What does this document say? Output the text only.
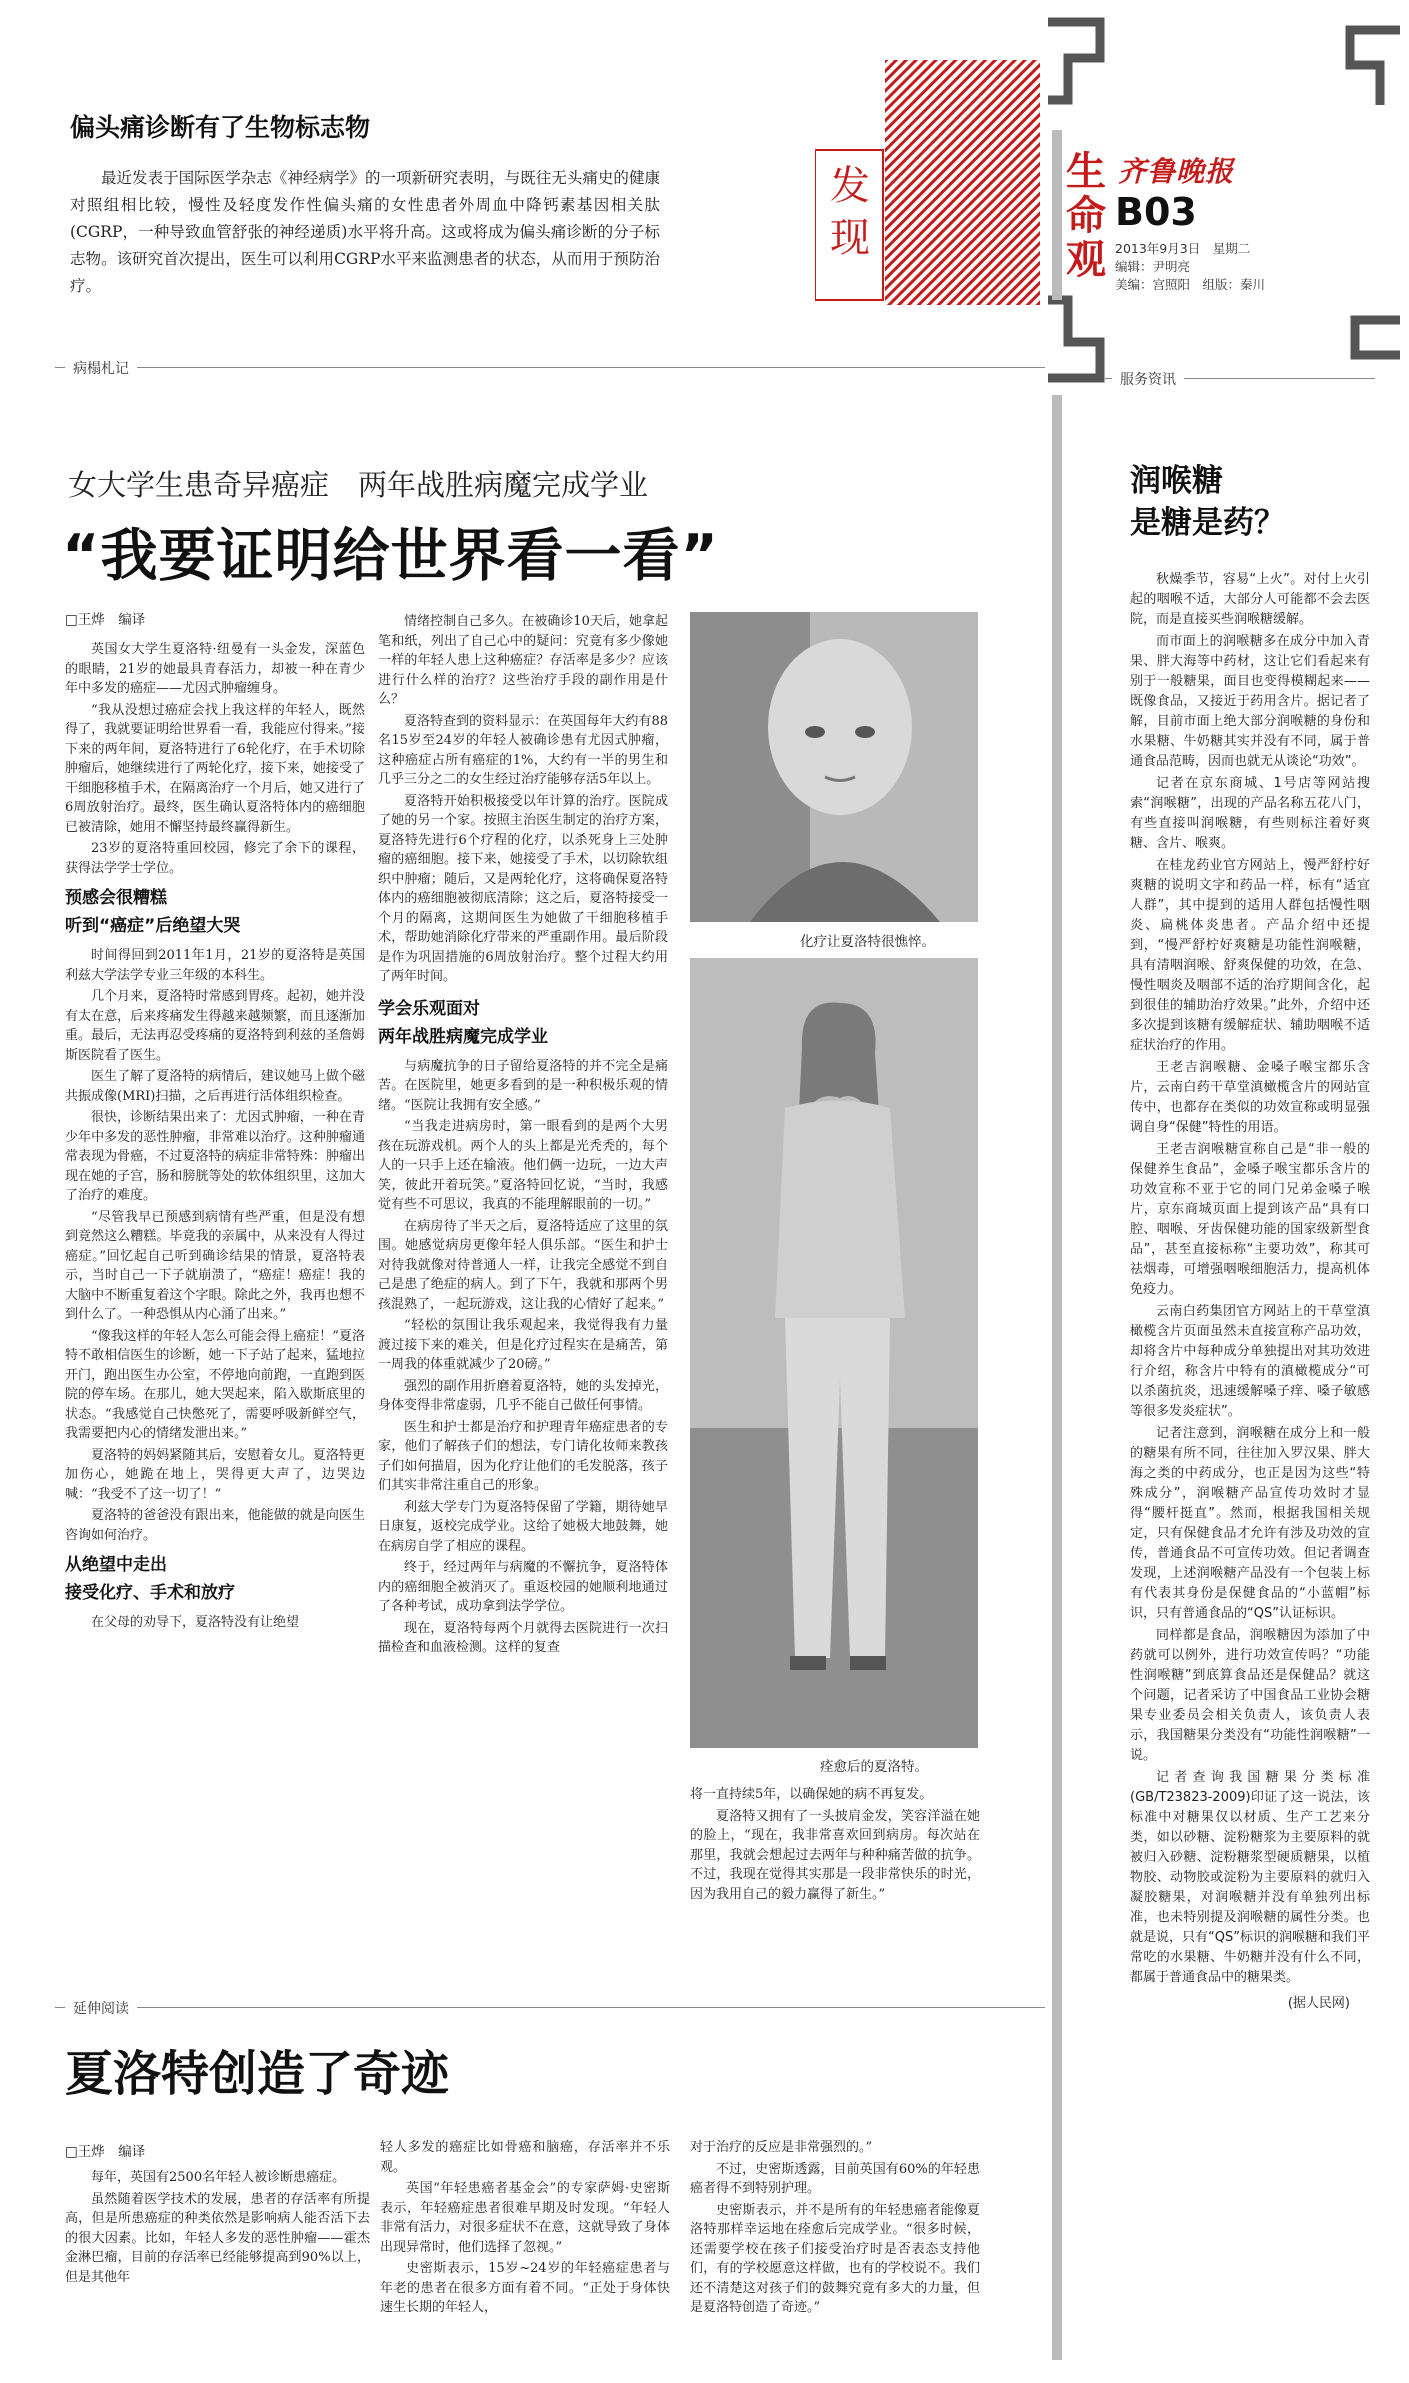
生命观
齐鲁晚报
B03
2013年9月3日　 星期二
编辑：尹明亮
美编：宫照阳　 组版：秦川
发现
偏头痛诊断有了生物标志物

最近发表于国际医学杂志《神经病学》的一项新研究表明，与既往无头痛史的健康对照组相比较，慢性及轻度发作性偏头痛的女性患者外周血中降钙素基因相关肽(CGRP，一种导致血管舒张的神经递质)水平将升高。这或将成为偏头痛诊断的分子标志物。该研究首次提出，医生可以利用CGRP水平来监测患者的状态，从而用于预防治疗。

病榻札记
女大学生患奇异癌症　两年战胜病魔完成学业
“我要证明给世界看一看”
□王烨　编译

英国女大学生夏洛特·纽曼有一头金发，深蓝色的眼睛，21岁的她最具青春活力，却被一种在青少年中多发的癌症——尤因式肿瘤缠身。

“我从没想过癌症会找上我这样的年轻人，既然得了，我就要证明给世界看一看，我能应付得来。”接下来的两年间，夏洛特进行了6轮化疗，在手术切除肿瘤后，她继续进行了两轮化疗，接下来，她接受了干细胞移植手术，在隔离治疗一个月后，她又进行了6周放射治疗。最终，医生确认夏洛特体内的癌细胞已被清除，她用不懈坚持最终赢得新生。

23岁的夏洛特重回校园，修完了余下的课程，获得法学学士学位。

预感会很糟糕
听到“癌症”后绝望大哭

时间得回到2011年1月，21岁的夏洛特是英国利兹大学法学专业三年级的本科生。

几个月来，夏洛特时常感到胃疼。起初，她并没有太在意，后来疼痛发生得越来越频繁，而且逐渐加重。最后，无法再忍受疼痛的夏洛特到利兹的圣詹姆斯医院看了医生。

医生了解了夏洛特的病情后，建议她马上做个磁共振成像(MRI)扫描，之后再进行活体组织检查。

很快，诊断结果出来了：尤因式肿瘤，一种在青少年中多发的恶性肿瘤，非常难以治疗。这种肿瘤通常表现为骨癌，不过夏洛特的病症非常特殊：肿瘤出现在她的子宫，肠和膀胱等处的软体组织里，这加大了治疗的难度。

“尽管我早已预感到病情有些严重，但是没有想到竟然这么糟糕。毕竟我的亲属中，从来没有人得过癌症。”回忆起自己听到确诊结果的情景，夏洛特表示，当时自己一下子就崩溃了，“癌症！癌症！我的大脑中不断重复着这个字眼。除此之外，我再也想不到什么了。一种恐惧从内心涌了出来。”

“像我这样的年轻人怎么可能会得上癌症！”夏洛特不敢相信医生的诊断，她一下子站了起来，猛地拉开门，跑出医生办公室，不停地向前跑，一直跑到医院的停车场。在那儿，她大哭起来，陷入歇斯底里的状态。“我感觉自己快憋死了，需要呼吸新鲜空气，我需要把内心的情绪发泄出来。”

夏洛特的妈妈紧随其后，安慰着女儿。夏洛特更加伤心，她跪在地上，哭得更大声了，边哭边喊：“我受不了这一切了！”

夏洛特的爸爸没有跟出来，他能做的就是向医生咨询如何治疗。

从绝望中走出
接受化疗、手术和放疗

在父母的劝导下，夏洛特没有让绝望

情绪控制自己多久。在被确诊10天后，她拿起笔和纸，列出了自己心中的疑问：究竟有多少像她一样的年轻人患上这种癌症？存活率是多少？应该进行什么样的治疗？这些治疗手段的副作用是什么？

夏洛特查到的资料显示：在英国每年大约有88名15岁至24岁的年轻人被确诊患有尤因式肿瘤，这种癌症占所有癌症的1%，大约有一半的男生和几乎三分之二的女生经过治疗能够存活5年以上。

夏洛特开始积极接受以年计算的治疗。医院成了她的另一个家。按照主治医生制定的治疗方案，夏洛特先进行6个疗程的化疗，以杀死身上三处肿瘤的癌细胞。接下来，她接受了手术，以切除软组织中肿瘤；随后，又是两轮化疗，这将确保夏洛特体内的癌细胞被彻底清除；这之后，夏洛特接受一个月的隔离，这期间医生为她做了干细胞移植手术，帮助她消除化疗带来的严重副作用。最后阶段是作为巩固措施的6周放射治疗。整个过程大约用了两年时间。

学会乐观面对
两年战胜病魔完成学业

与病魔抗争的日子留给夏洛特的并不完全是痛苦。在医院里，她更多看到的是一种积极乐观的情绪。“医院让我拥有安全感。”

“当我走进病房时，第一眼看到的是两个大男孩在玩游戏机。两个人的头上都是光秃秃的，每个人的一只手上还在输液。他们俩一边玩，一边大声笑，彼此开着玩笑。”夏洛特回忆说，“当时，我感觉有些不可思议，我真的不能理解眼前的一切。”

在病房待了半天之后，夏洛特适应了这里的氛围。她感觉病房更像年轻人俱乐部。“医生和护士对待我就像对待普通人一样，让我完全感觉不到自己是患了绝症的病人。到了下午，我就和那两个男孩混熟了，一起玩游戏，这让我的心情好了起来。”

“轻松的氛围让我乐观起来，我觉得我有力量渡过接下来的难关，但是化疗过程实在是痛苦，第一周我的体重就减少了20磅。”

强烈的副作用折磨着夏洛特，她的头发掉光，身体变得非常虚弱，几乎不能自己做任何事情。

医生和护士都是治疗和护理青年癌症患者的专家，他们了解孩子们的想法，专门请化妆师来教孩子们如何描眉，因为化疗让他们的毛发脱落，孩子们其实非常注重自己的形象。

利兹大学专门为夏洛特保留了学籍，期待她早日康复，返校完成学业。这给了她极大地鼓舞，她在病房自学了相应的课程。

终于，经过两年与病魔的不懈抗争，夏洛特体内的癌细胞全被消灭了。重返校园的她顺利地通过了各种考试，成功拿到法学学位。

现在，夏洛特每两个月就得去医院进行一次扫描检查和血液检测。这样的复查

化疗让夏洛特很憔悴。
痊愈后的夏洛特。

将一直持续5年，以确保她的病不再复发。

夏洛特又拥有了一头披肩金发，笑容洋溢在她的脸上，“现在，我非常喜欢回到病房。每次站在那里，我就会想起过去两年与种种痛苦做的抗争。不过，我现在觉得其实那是一段非常快乐的时光，因为我用自己的毅力赢得了新生。”

服务资讯
润喉糖
是糖是药？

秋燥季节，容易“上火”。对付上火引起的咽喉不适，大部分人可能都不会去医院，而是直接买些润喉糖缓解。

而市面上的润喉糖多在成分中加入青果、胖大海等中药材，这让它们看起来有别于一般糖果，面目也变得模糊起来——既像食品，又接近于药用含片。据记者了解，目前市面上绝大部分润喉糖的身份和水果糖、牛奶糖其实并没有不同，属于普通食品范畴，因而也就无从谈论“功效”。

记者在京东商城、1号店等网站搜索“润喉糖”，出现的产品名称五花八门，有些直接叫润喉糖，有些则标注着好爽糖、含片、喉爽。

在桂龙药业官方网站上，慢严舒柠好爽糖的说明文字和药品一样，标有“适宜人群”，其中提到的适用人群包括慢性咽炎、扁桃体炎患者。产品介绍中还提到，“慢严舒柠好爽糖是功能性润喉糖，具有清咽润喉、舒爽保健的功效，在急、慢性咽炎及咽部不适的治疗期间含化，起到很佳的辅助治疗效果。”此外，介绍中还多次提到该糖有缓解症状、辅助咽喉不适症状治疗的作用。

王老吉润喉糖、金嗓子喉宝都乐含片，云南白药干草堂滇橄榄含片的网站宣传中，也都存在类似的功效宣称或明显强调自身“保健”特性的用语。

王老吉润喉糖宣称自己是“非一般的保健养生食品”，金嗓子喉宝都乐含片的功效宣称不亚于它的同门兄弟金嗓子喉片，京东商城页面上提到该产品“具有口腔、咽喉、牙齿保健功能的国家级新型食品”，甚至直接标称“主要功效”，称其可祛烟毒，可增强咽喉细胞活力，提高机体免疫力。

云南白药集团官方网站上的干草堂滇橄榄含片页面虽然未直接宣称产品功效，却将含片中每种成分单独提出对其功效进行介绍，称含片中特有的滇橄榄成分“可以杀菌抗炎，迅速缓解嗓子痒、嗓子敏感等很多发炎症状”。

记者注意到，润喉糖在成分上和一般的糖果有所不同，往往加入罗汉果、胖大海之类的中药成分，也正是因为这些“特殊成分”，润喉糖产品宣传功效时才显得“腰杆挺直”。然而，根据我国相关规定，只有保健食品才允许有涉及功效的宣传，普通食品不可宣传功效。但记者调查发现，上述润喉糖产品没有一个包装上标有代表其身份是保健食品的“小蓝帽”标识，只有普通食品的“QS”认证标识。

同样都是食品，润喉糖因为添加了中药就可以例外，进行功效宣传吗？“功能性润喉糖”到底算食品还是保健品？就这个问题，记者采访了中国食品工业协会糖果专业委员会相关负责人，该负责人表示，我国糖果分类没有“功能性润喉糖”一说。

记者查询我国糖果分类标准(GB/T23823-2009)印证了这一说法，该标准中对糖果仅以材质、生产工艺来分类，如以砂糖、淀粉糖浆为主要原料的就被归入砂糖、淀粉糖浆型硬质糖果，以植物胶、动物胶或淀粉为主要原料的就归入凝胶糖果，对润喉糖并没有单独列出标准，也未特别提及润喉糖的属性分类。也就是说，只有“QS”标识的润喉糖和我们平常吃的水果糖、牛奶糖并没有什么不同，都属于普通食品中的糖果类。

(据人民网)
延伸阅读
夏洛特创造了奇迹
□王烨　编译

每年，英国有2500名年轻人被诊断患癌症。

虽然随着医学技术的发展，患者的存活率有所提高，但是所患癌症的种类依然是影响病人能否活下去的很大因素。比如，年轻人多发的恶性肿瘤——霍杰金淋巴瘤，目前的存活率已经能够提高到90%以上，但是其他年

轻人多发的癌症比如骨癌和脑癌，存活率并不乐观。

英国“年轻患癌者基金会”的专家萨姆·史密斯表示，年轻癌症患者很难早期及时发现。“年轻人非常有活力，对很多症状不在意，这就导致了身体出现异常时，他们选择了忽视。”

史密斯表示，15岁~24岁的年轻癌症患者与年老的患者在很多方面有着不同。“正处于身体快速生长期的年轻人，

对于治疗的反应是非常强烈的。”

不过，史密斯透露，目前英国有60%的年轻患癌者得不到特别护理。

史密斯表示，并不是所有的年轻患癌者能像夏洛特那样幸运地在痊愈后完成学业。“很多时候，还需要学校在孩子们接受治疗时是否表态支持他们，有的学校愿意这样做，也有的学校说不。我们还不清楚这对孩子们的鼓舞究竟有多大的力量，但是夏洛特创造了奇迹。”
